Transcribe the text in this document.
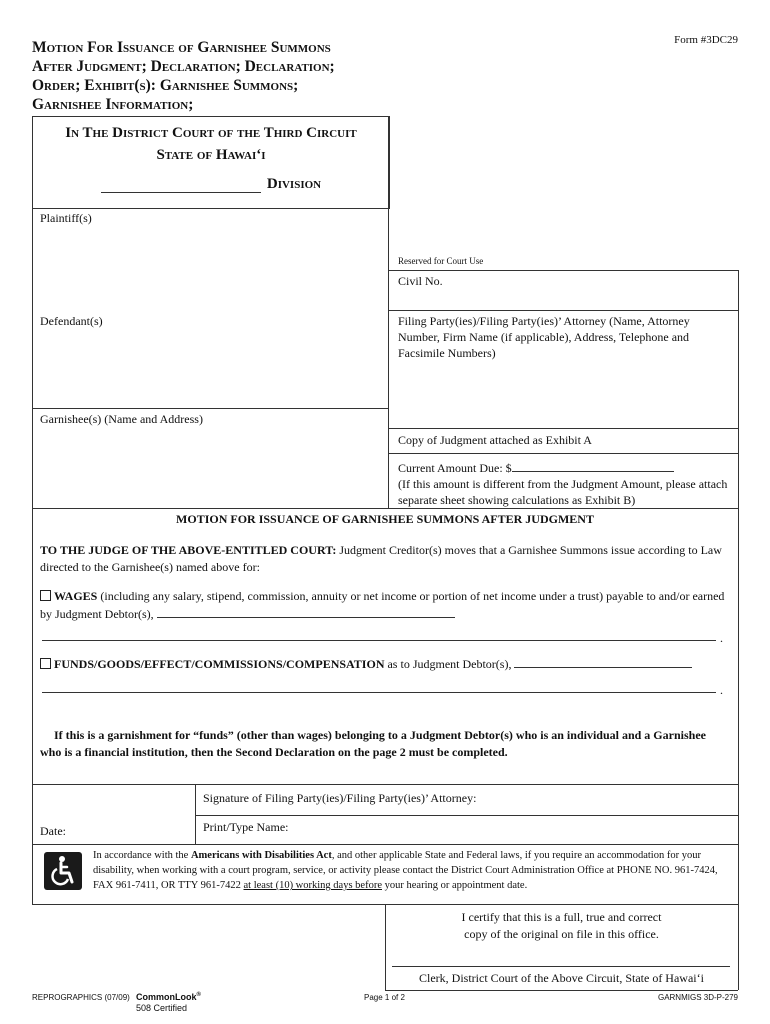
Motion For Issuance of Garnishee Summons
After Judgment; Declaration; Declaration;
Order; Exhibit(s): Garnishee Summons;
Garnishee Information;
Form #3DC29
In The District Court of the Third Circuit
State of Hawai‘i
Division
Plaintiff(s)
Defendant(s)
Garnishee(s) (Name and Address)
Reserved for Court Use
Civil No.
Filing Party(ies)/Filing Party(ies)’ Attorney (Name, Attorney Number, Firm Name (if applicable), Address, Telephone and Facsimile Numbers)
Copy of Judgment attached as Exhibit A
Current Amount Due: $
(If this amount is different from the Judgment Amount, please attach separate sheet showing calculations as Exhibit B)
MOTION FOR ISSUANCE OF GARNISHEE SUMMONS AFTER JUDGMENT
TO THE JUDGE OF THE ABOVE-ENTITLED COURT: Judgment Creditor(s) moves that a Garnishee Summons issue according to Law directed to the Garnishee(s) named above for:
WAGES (including any salary, stipend, commission, annuity or net income or portion of net income under a trust) payable to and/or earned by Judgment Debtor(s),
.
FUNDS/GOODS/EFFECT/COMMISSIONS/COMPENSATION as to Judgment Debtor(s),
.
If this is a garnishment for “funds” (other than wages) belonging to a Judgment Debtor(s) who is an individual and a Garnishee who is a financial institution, then the Second Declaration on the page 2 must be completed.
Date:
Signature of Filing Party(ies)/Filing Party(ies)’ Attorney:
Print/Type Name:
In accordance with the Americans with Disabilities Act, and other applicable State and Federal laws, if you require an accommodation for your disability, when working with a court program, service, or activity please contact the District Court Administration Office at PHONE NO. 961-7424, FAX 961-7411, OR TTY 961-7422 at least (10) working days before your hearing or appointment date.
I certify that this is a full, true and correct
copy of the original on file in this office.
Clerk, District Court of the Above Circuit, State of Hawai‘i
REPROGRAPHICS (07/09) CommonLook®
508 Certified
Page 1 of 2	GARNMIGS 3D-P-279
